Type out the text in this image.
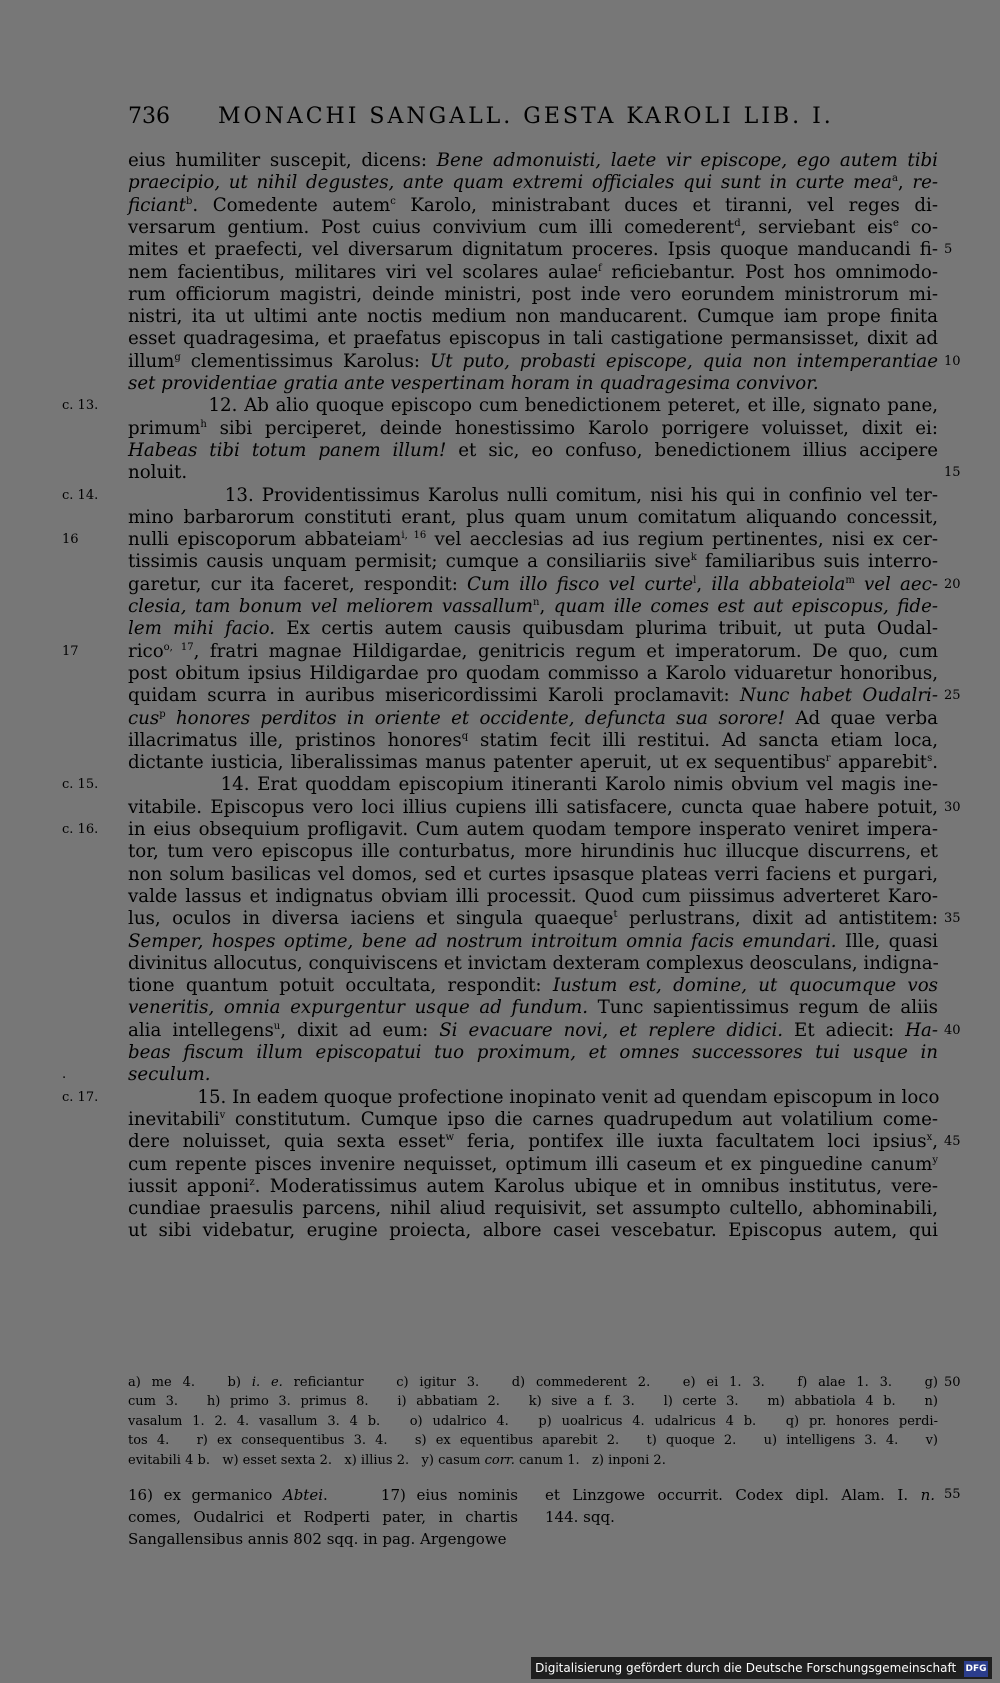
736 MONACHI SANGALL. GESTA KAROLI LIB. I.
eius humiliter suscepit, dicens: Bene admonuisti, laete vir episcope, ego autem tibi
praecipio, ut nihil degustes, ante quam extremi officiales qui sunt in curte mea$^a$, re-
ficiant$^b$. Comedente autem$^c$ Karolo, ministrabant duces et tiranni, vel reges di-
versarum gentium. Post cuius convivium cum illi comederent$^d$, serviebant eis$^e$ co-
mites et praefecti, vel diversarum dignitatum proceres. Ipsis quoque manducandi fi-
nem facientibus, militares viri vel scolares aulae$^f$ reficiebantur. Post hos omnimodo-
rum officiorum magistri, deinde ministri, post inde vero eorundem ministrorum mi-
nistri, ita ut ultimi ante noctis medium non manducarent. Cumque iam prope finita
esset quadragesima, et praefatus episcopus in tali castigatione permansisset, dixit ad
illum$^g$ clementissimus Karolus: Ut puto, probasti episcope, quia non intemperantiae
set providentiae gratia ante vespertinam horam in quadragesima convivor.
12. Ab alio quoque episcopo cum benedictionem peteret, et ille, signato pane,
primum$^h$ sibi perciperet, deinde honestissimo Karolo porrigere voluisset, dixit ei:
Habeas tibi totum panem illum! et sic, eo confuso, benedictionem illius accipere
noluit.
13. Providentissimus Karolus nulli comitum, nisi his qui in confinio vel ter-
mino barbarorum constituti erant, plus quam unum comitatum aliquando concessit,
nulli episcoporum abbateiam$^{i, 16}$ vel aecclesias ad ius regium pertinentes, nisi ex cer-
tissimis causis unquam permisit; cumque a consiliariis sive$^k$ familiaribus suis interro-
garetur, cur ita faceret, respondit: Cum illo fisco vel curte$^l$, illa abbateiola$^m$ vel aec-
clesia, tam bonum vel meliorem vassallum$^n$, quam ille comes est aut episcopus, fide-
lem mihi facio. Ex certis autem causis quibusdam plurima tribuit, ut puta Oudal-
rico$^{o, 17}$, fratri magnae Hildigardae, genitricis regum et imperatorum. De quo, cum
post obitum ipsius Hildigardae pro quodam commisso a Karolo viduaretur honoribus,
quidam scurra in auribus misericordissimi Karoli proclamavit: Nunc habet Oudalri-
cus$^p$ honores perditos in oriente et occidente, defuncta sua sorore! Ad quae verba
illacrimatus ille, pristinos honores$^q$ statim fecit illi restitui. Ad sancta etiam loca,
dictante iusticia, liberalissimas manus patenter aperuit, ut ex sequentibus$^r$ apparebit$^s$.
14. Erat quoddam episcopium itineranti Karolo nimis obvium vel magis ine-
vitabile. Episcopus vero loci illius cupiens illi satisfacere, cuncta quae habere potuit,
in eius obsequium profligavit. Cum autem quodam tempore insperato veniret impera-
tor, tum vero episcopus ille conturbatus, more hirundinis huc illucque discurrens, et
non solum basilicas vel domos, sed et curtes ipsasque plateas verri faciens et purgari,
valde lassus et indignatus obviam illi processit. Quod cum piissimus adverteret Karo-
lus, oculos in diversa iaciens et singula quaeque$^t$ perlustrans, dixit ad antistitem:
Semper, hospes optime, bene ad nostrum introitum omnia facis emundari. Ille, quasi
divinitus allocutus, conquiviscens et invictam dexteram complexus deosculans, indigna-
tione quantum potuit occultata, respondit: Iustum est, domine, ut quocumque vos
veneritis, omnia expurgentur usque ad fundum. Tunc sapientissimus regum de aliis
alia intellegens$^u$, dixit ad eum: Si evacuare novi, et replere didici. Et adiecit: Ha-
beas fiscum illum episcopatui tuo proximum, et omnes successores tui usque in
seculum.
15. In eadem quoque profectione inopinato venit ad quendam episcopum in loco
inevitabili$^v$ constitutum. Cumque ipso die carnes quadrupedum aut volatilium come-
dere noluisset, quia sexta esset$^w$ feria, pontifex ille iuxta facultatem loci ipsius$^x$,
cum repente pisces invenire nequisset, optimum illi caseum et ex pinguedine canum$^y$
iussit apponi$^z$. Moderatissimus autem Karolus ubique et in omnibus institutus, vere-
cundiae praesulis parcens, nihil aliud requisivit, set assumpto cultello, abhominabili,
ut sibi videbatur, erugine proiecta, albore casei vescebatur. Episcopus autem, qui
5
10
15
20
25
30
35
40
45
c. 13.
c. 14.
16
17
c. 15.
c. 16.
.
c. 17.
a) me 4.   b) i. e. reficiantur   c) igitur 3.   d) commederent 2.   e) ei 1. 3.   f) alae 1. 3.   g)
cum 3.   h) primo 3. primus 8.   i) abbatiam 2.   k) sive a f. 3.   l) certe 3.   m) abbatiola 4 b.   n)
vasalum 1. 2. 4. vasallum 3. 4 b.   o) udalrico 4.   p) uoalricus 4. udalricus 4 b.   q) pr. honores perdi-
tos 4.   r) ex consequentibus 3. 4.   s) ex equentibus aparebit 2.   t) quoque 2.   u) intelligens 3. 4.   v)
evitabili 4 b.   w) esset sexta 2.   x) illius 2.   y) casum corr. canum 1.   z) inponi 2.
50
16) ex germanico Abtei.     17) eius nominis
comes, Oudalrici et Rodperti pater, in chartis
Sangallensibus annis 802 sqq. in pag. Argengowe
et Linzgowe occurrit. Codex dipl. Alam. I. n.
144. sqq.
55
Digitalisierung gefördert durch die Deutsche Forschungsgemeinschaft DFG
